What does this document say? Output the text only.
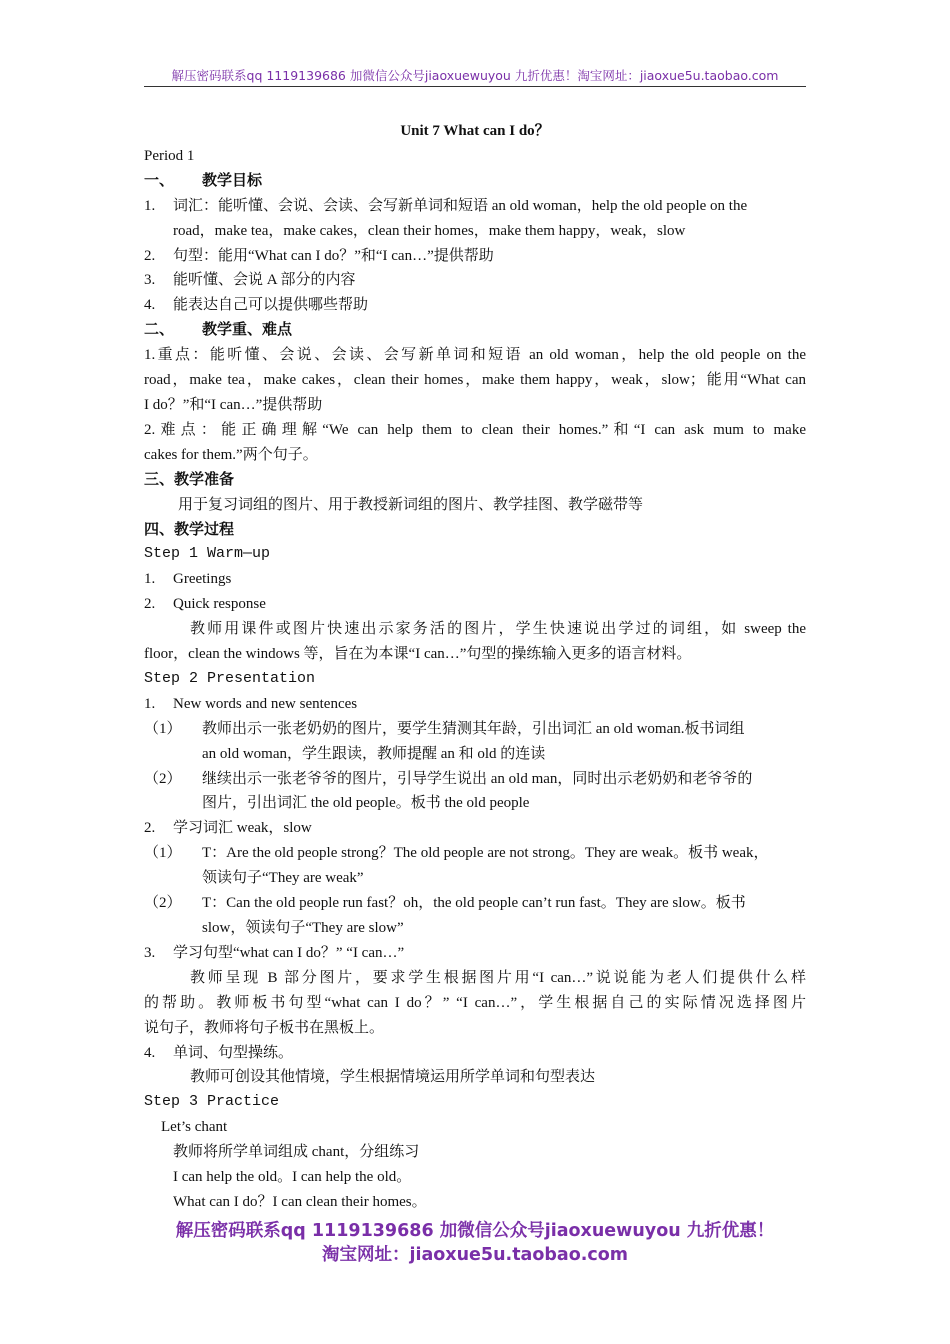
解压密码联系qq 1119139686 加微信公众号jiaoxuewuyou 九折优惠！淘宝网址：jiaoxue5u.taobao.com
Unit 7 What can I do？
Period 1
一、 教学目标
1. 词汇：能听懂、会说、会读、会写新单词和短语 an old woman，help the old people on the
road，make tea，make cakes，clean their homes，make them happy，weak，slow
2. 句型：能用“What can I do？”和“I can…”提供帮助
3. 能听懂、会说 A 部分的内容
4. 能表达自己可以提供哪些帮助
二、 教学重、难点
1.重点：能听懂、会说、会读、会写新单词和短语 an old woman，help the old people on the
road，make tea，make cakes，clean their homes，make them happy，weak，slow；能用“What can
I do？”和“I can…”提供帮助
2.难点：能正确理解“We can help them to clean their homes.”和“I can ask mum to make
cakes for them.”两个句子。
三、教学准备
用于复习词组的图片、用于教授新词组的图片、教学挂图、教学磁带等
四、教学过程
Step 1 Warm—up
1. Greetings
2. Quick response
教师用课件或图片快速出示家务活的图片，学生快速说出学过的词组，如 sweep the
floor，clean the windows 等，旨在为本课“I can…”句型的操练输入更多的语言材料。
Step 2 Presentation
1. New words and new sentences
（1） 教师出示一张老奶奶的图片，要学生猜测其年龄，引出词汇 an old woman.板书词组
an old woman，学生跟读，教师提醒 an 和 old 的连读
（2） 继续出示一张老爷爷的图片，引导学生说出 an old man，同时出示老奶奶和老爷爷的
图片，引出词汇 the old people。板书 the old people
2. 学习词汇 weak，slow
（1） T：Are the old people strong？The old people are not strong。They are weak。板书 weak，
领读句子“They are weak”
（2） T：Can the old people run fast？oh，the old people can’t run fast。They are slow。板书
slow，领读句子“They are slow”
3. 学习句型“what can I do？” “I can…”
教师呈现 B 部分图片，要求学生根据图片用“I can…”说说能为老人们提供什么样
的帮助。教师板书句型“what can I do？” “I can…”，学生根据自己的实际情况选择图片
说句子，教师将句子板书在黑板上。
4. 单词、句型操练。
教师可创设其他情境，学生根据情境运用所学单词和句型表达
Step 3 Practice
Let’s chant
教师将所学单词组成 chant，分组练习
I can help the old。I can help the old。
What can I do？I can clean their homes。
解压密码联系qq 1119139686 加微信公众号jiaoxuewuyou 九折优惠！
淘宝网址：jiaoxue5u.taobao.com
